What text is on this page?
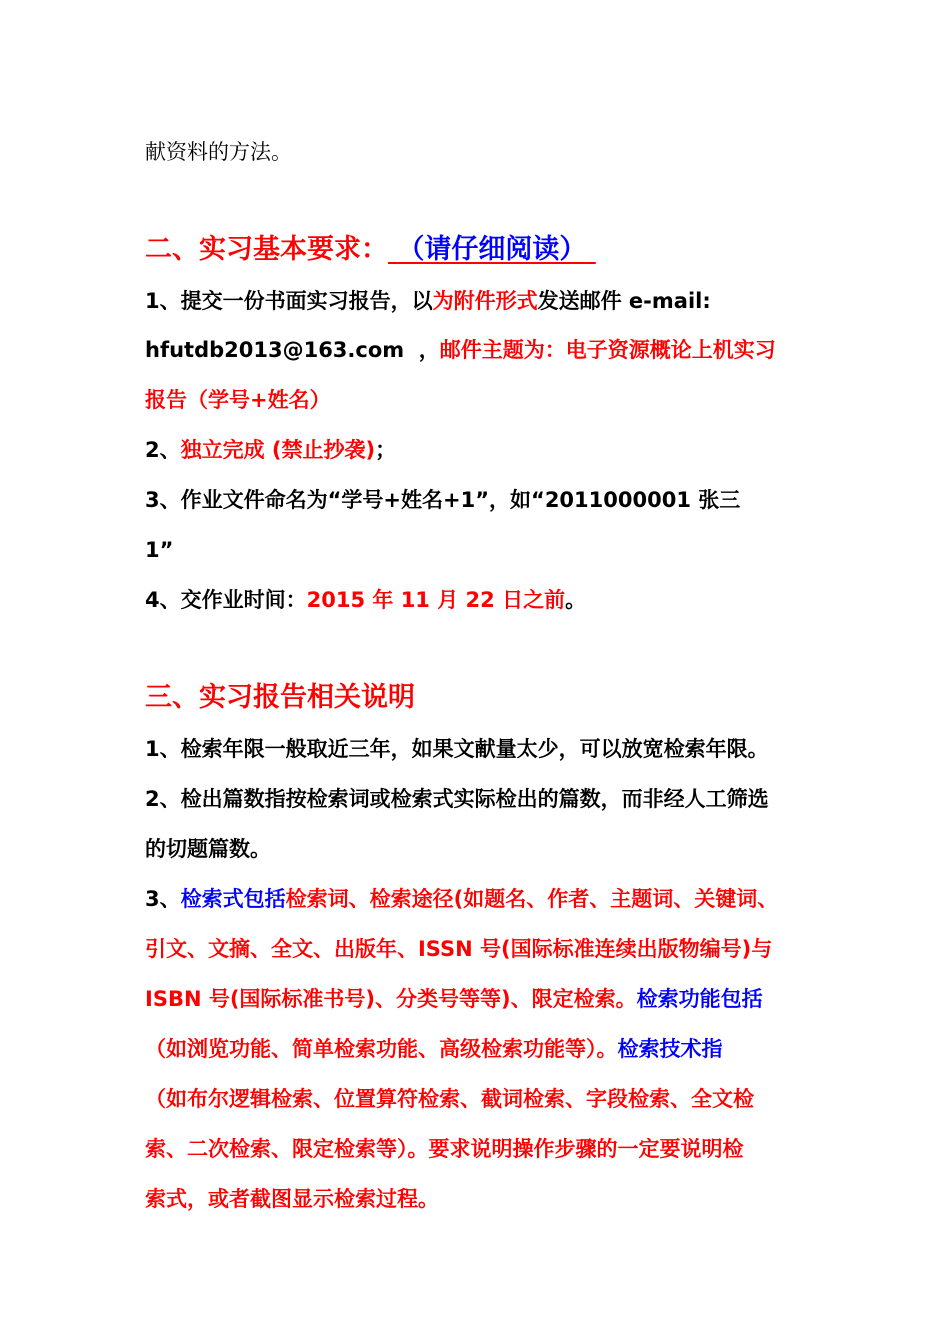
献资料的方法。
二、实习基本要求： （请仔细阅读）
1、提交一份书面实习报告，以为附件形式发送邮件 e-mail:
hfutdb2013@163.com  ，邮件主题为：电子资源概论上机实习
报告（学号+姓名）
2、独立完成 (禁止抄袭)；
3、作业文件命名为“学号+姓名+1”，如“2011000001 张三
1”
4、交作业时间：2015 年 11 月 22 日之前。
三、实习报告相关说明
1、检索年限一般取近三年，如果文献量太少，可以放宽检索年限。
2、检出篇数指按检索词或检索式实际检出的篇数，而非经人工筛选
的切题篇数。
3、检索式包括检索词、检索途径(如题名、作者、主题词、关键词、
引文、文摘、全文、出版年、ISSN 号(国际标准连续出版物编号)与
ISBN 号(国际标准书号)、分类号等等)、限定检索。检索功能包括
（如浏览功能、简单检索功能、高级检索功能等）。检索技术指
（如布尔逻辑检索、位置算符检索、截词检索、字段检索、全文检
索、二次检索、限定检索等）。要求说明操作步骤的一定要说明检
索式，或者截图显示检索过程。
